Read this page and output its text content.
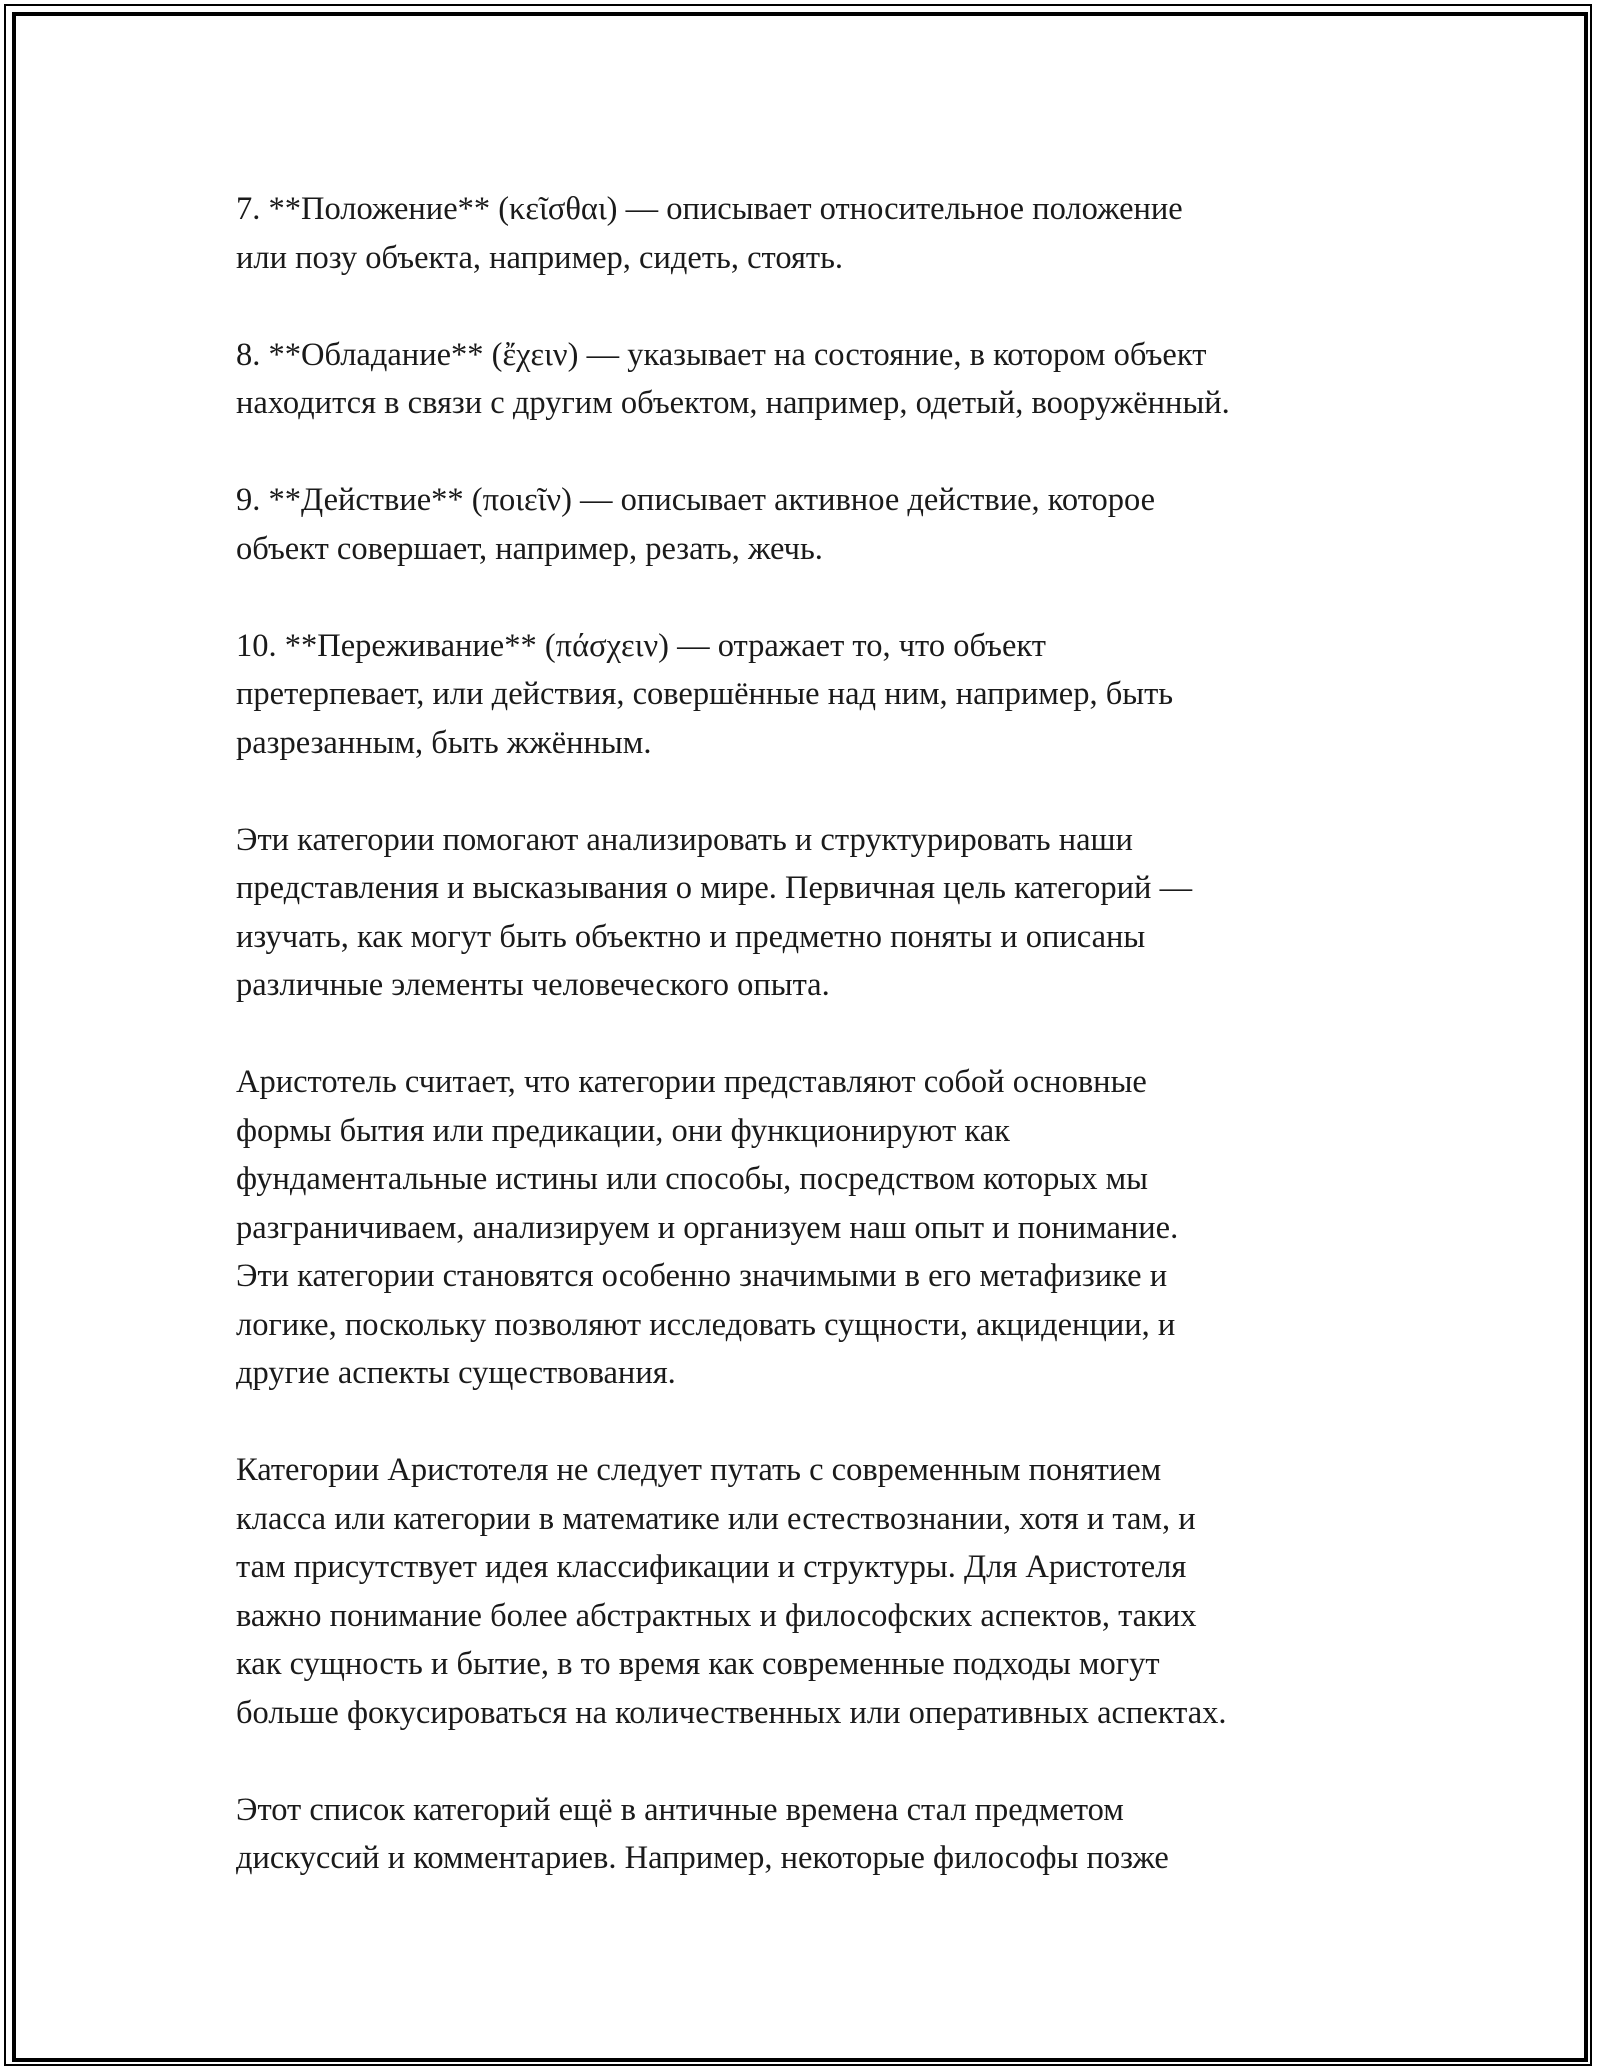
7. **Положение** (κεῖσθαι) — описывает относительное положение
или позу объекта, например, сидеть, стоять.

8. **Обладание** (ἔχειν) — указывает на состояние, в котором объект
находится в связи с другим объектом, например, одетый, вооружённый.

9. **Действие** (ποιεῖν) — описывает активное действие, которое
объект совершает, например, резать, жечь.

10. **Переживание** (πάσχειν) — отражает то, что объект
претерпевает, или действия, совершённые над ним, например, быть
разрезанным, быть жжённым.

Эти категории помогают анализировать и структурировать наши
представления и высказывания о мире. Первичная цель категорий —
изучать, как могут быть объектно и предметно поняты и описаны
различные элементы человеческого опыта.

Аристотель считает, что категории представляют собой основные
формы бытия или предикации, они функционируют как
фундаментальные истины или способы, посредством которых мы
разграничиваем, анализируем и организуем наш опыт и понимание.
Эти категории становятся особенно значимыми в его метафизике и
логике, поскольку позволяют исследовать сущности, акциденции, и
другие аспекты существования.

Категории Аристотеля не следует путать с современным понятием
класса или категории в математике или естествознании, хотя и там, и
там присутствует идея классификации и структуры. Для Аристотеля
важно понимание более абстрактных и философских аспектов, таких
как сущность и бытие, в то время как современные подходы могут
больше фокусироваться на количественных или оперативных аспектах.

Этот список категорий ещё в античные времена стал предметом
дискуссий и комментариев. Например, некоторые философы позже
